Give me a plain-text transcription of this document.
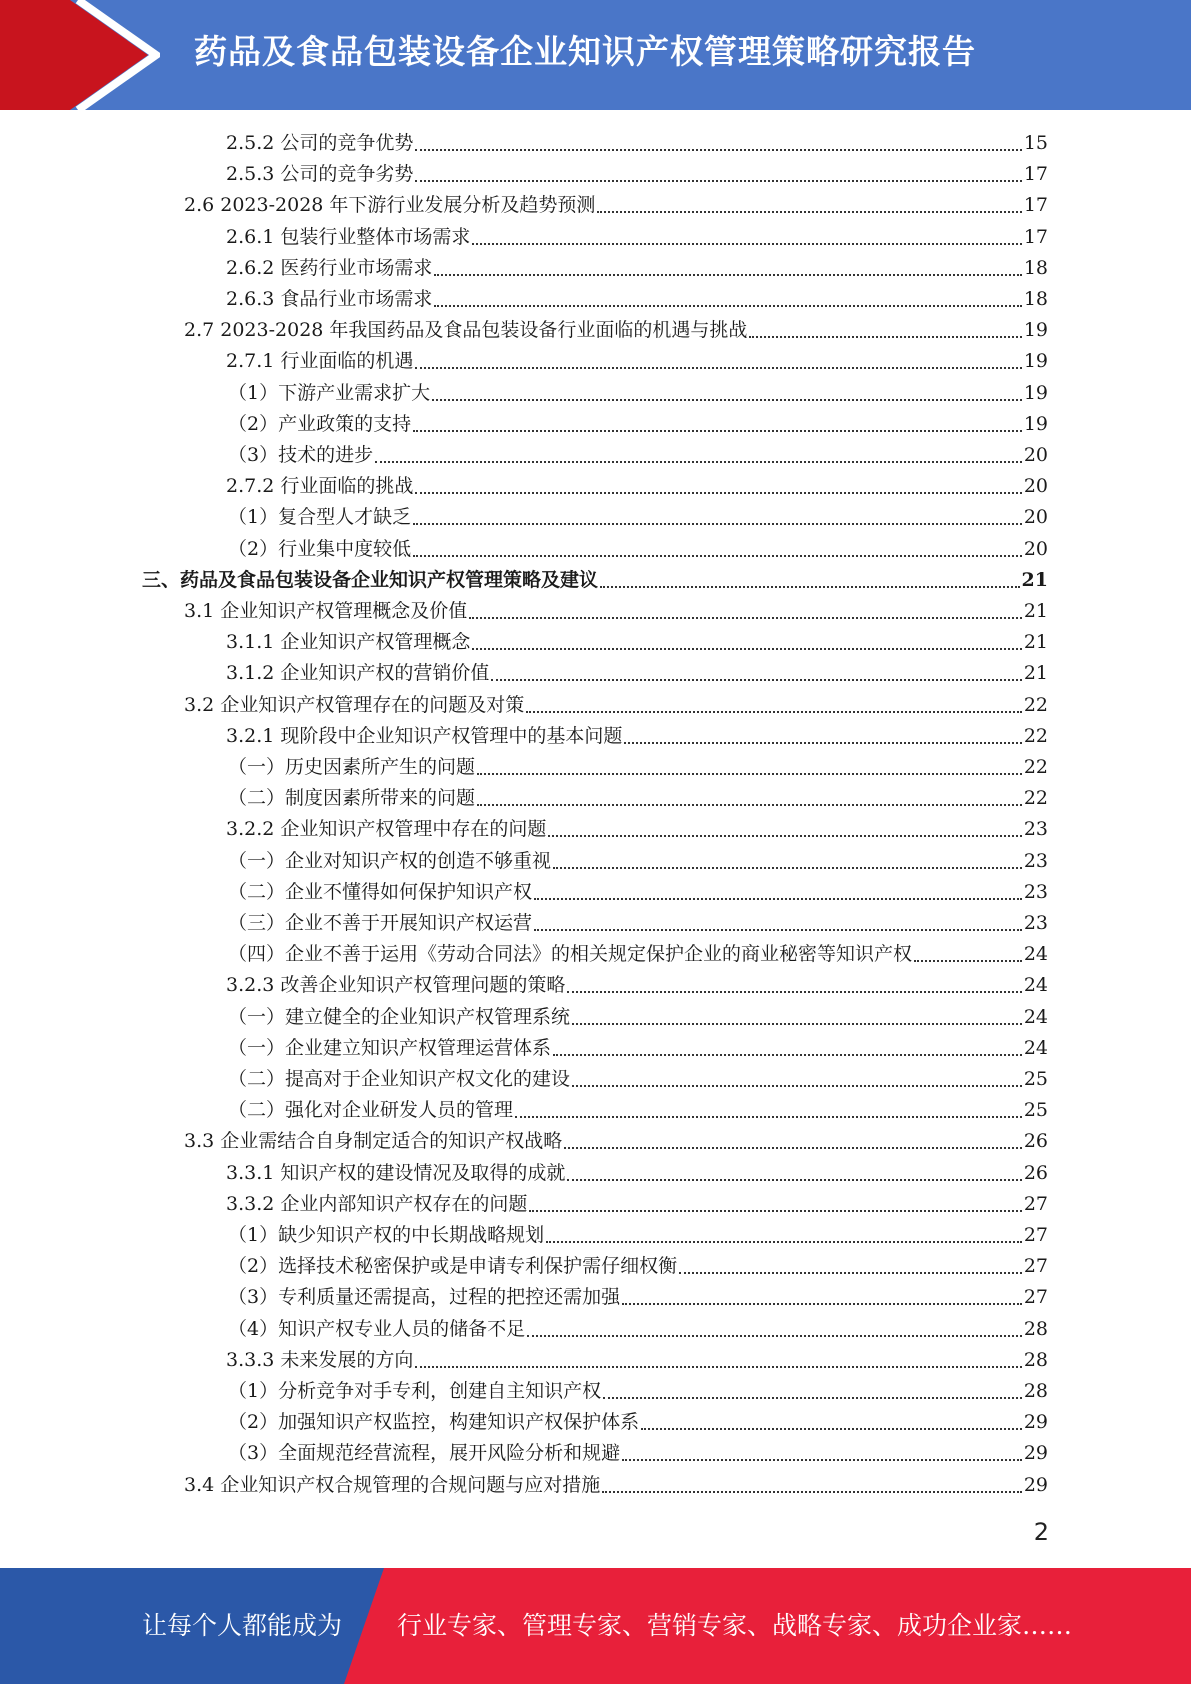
药品及食品包装设备企业知识产权管理策略研究报告
2.5.2 公司的竞争优势	15
2.5.3 公司的竞争劣势	17
2.6 2023-2028 年下游行业发展分析及趋势预测	17
2.6.1 包装行业整体市场需求	17
2.6.2 医药行业市场需求	18
2.6.3 食品行业市场需求	18
2.7 2023-2028 年我国药品及食品包装设备行业面临的机遇与挑战	19
2.7.1 行业面临的机遇	19
（1）下游产业需求扩大	19
（2）产业政策的支持	19
（3）技术的进步	20
2.7.2 行业面临的挑战	20
（1）复合型人才缺乏	20
（2）行业集中度较低	20
三、药品及食品包装设备企业知识产权管理策略及建议	21
3.1 企业知识产权管理概念及价值	21
3.1.1 企业知识产权管理概念	21
3.1.2 企业知识产权的营销价值	21
3.2 企业知识产权管理存在的问题及对策	22
3.2.1 现阶段中企业知识产权管理中的基本问题	22
（一）历史因素所产生的问题	22
（二）制度因素所带来的问题	22
3.2.2 企业知识产权管理中存在的问题	23
（一）企业对知识产权的创造不够重视	23
（二）企业不懂得如何保护知识产权	23
（三）企业不善于开展知识产权运营	23
（四）企业不善于运用《劳动合同法》的相关规定保护企业的商业秘密等知识产权	24
3.2.3 改善企业知识产权管理问题的策略	24
（一）建立健全的企业知识产权管理系统	24
（一）企业建立知识产权管理运营体系	24
（二）提高对于企业知识产权文化的建设	25
（二）强化对企业研发人员的管理	25
3.3 企业需结合自身制定适合的知识产权战略	26
3.3.1 知识产权的建设情况及取得的成就	26
3.3.2 企业内部知识产权存在的问题	27
（1）缺少知识产权的中长期战略规划	27
（2）选择技术秘密保护或是申请专利保护需仔细权衡	27
（3）专利质量还需提高，过程的把控还需加强	27
（4）知识产权专业人员的储备不足	28
3.3.3 未来发展的方向	28
（1）分析竞争对手专利，创建自主知识产权	28
（2）加强知识产权监控，构建知识产权保护体系	29
（3）全面规范经营流程，展开风险分析和规避	29
3.4 企业知识产权合规管理的合规问题与应对措施	29
2
让每个人都能成为 行业专家、管理专家、营销专家、战略专家、成功企业家……
